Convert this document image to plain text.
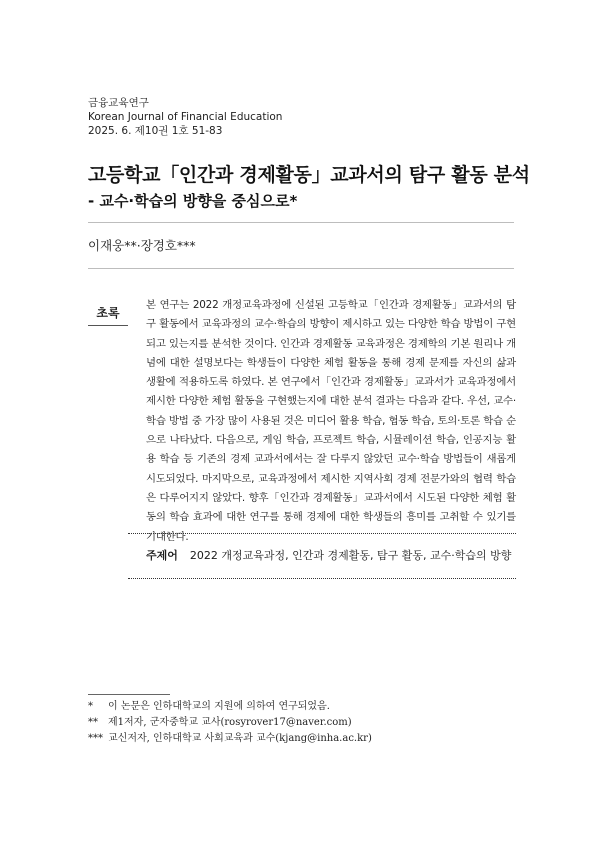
금융교육연구
Korean Journal of Financial Education
2025. 6. 제10권 1호 51-83
고등학교「인간과 경제활동」교과서의 탐구 활동 분석
- 교수·학습의 방향을 중심으로*
이재웅**·장경호***
초록
본 연구는 2022 개정교육과정에 신설된 고등학교「인간과 경제활동」교과서의 탐구 활동에서 교육과정의 교수·학습의 방향이 제시하고 있는 다양한 학습 방법이 구현되고 있는지를 분석한 것이다. 인간과 경제활동 교육과정은 경제학의 기본 원리나 개념에 대한 설명보다는 학생들이 다양한 체험 활동을 통해 경제 문제를 자신의 삶과 생활에 적용하도록 하였다. 본 연구에서「인간과 경제활동」교과서가 교육과정에서 제시한 다양한 체험 활동을 구현했는지에 대한 분석 결과는 다음과 같다. 우선, 교수·학습 방법 중 가장 많이 사용된 것은 미디어 활용 학습, 협동 학습, 토의·토론 학습 순으로 나타났다. 다음으로, 게임 학습, 프로젝트 학습, 시뮬레이션 학습, 인공지능 활용 학습 등 기존의 경제 교과서에서는 잘 다루지 않았던 교수·학습 방법들이 새롭게 시도되었다. 마지막으로, 교육과정에서 제시한 지역사회 경제 전문가와의 협력 학습은 다루어지지 않았다. 향후「인간과 경제활동」교과서에서 시도된 다양한 체험 활동의 학습 효과에 대한 연구를 통해 경제에 대한 학생들의 흥미를 고취할 수 있기를 기대한다.
주제어 2022 개정교육과정, 인간과 경제활동, 탐구 활동, 교수·학습의 방향
* 이 논문은 인하대학교의 지원에 의하여 연구되었음.
** 제1저자, 군자중학교 교사(rosyrover17@naver.com)
*** 교신저자, 인하대학교 사회교육과 교수(kjang@inha.ac.kr)
